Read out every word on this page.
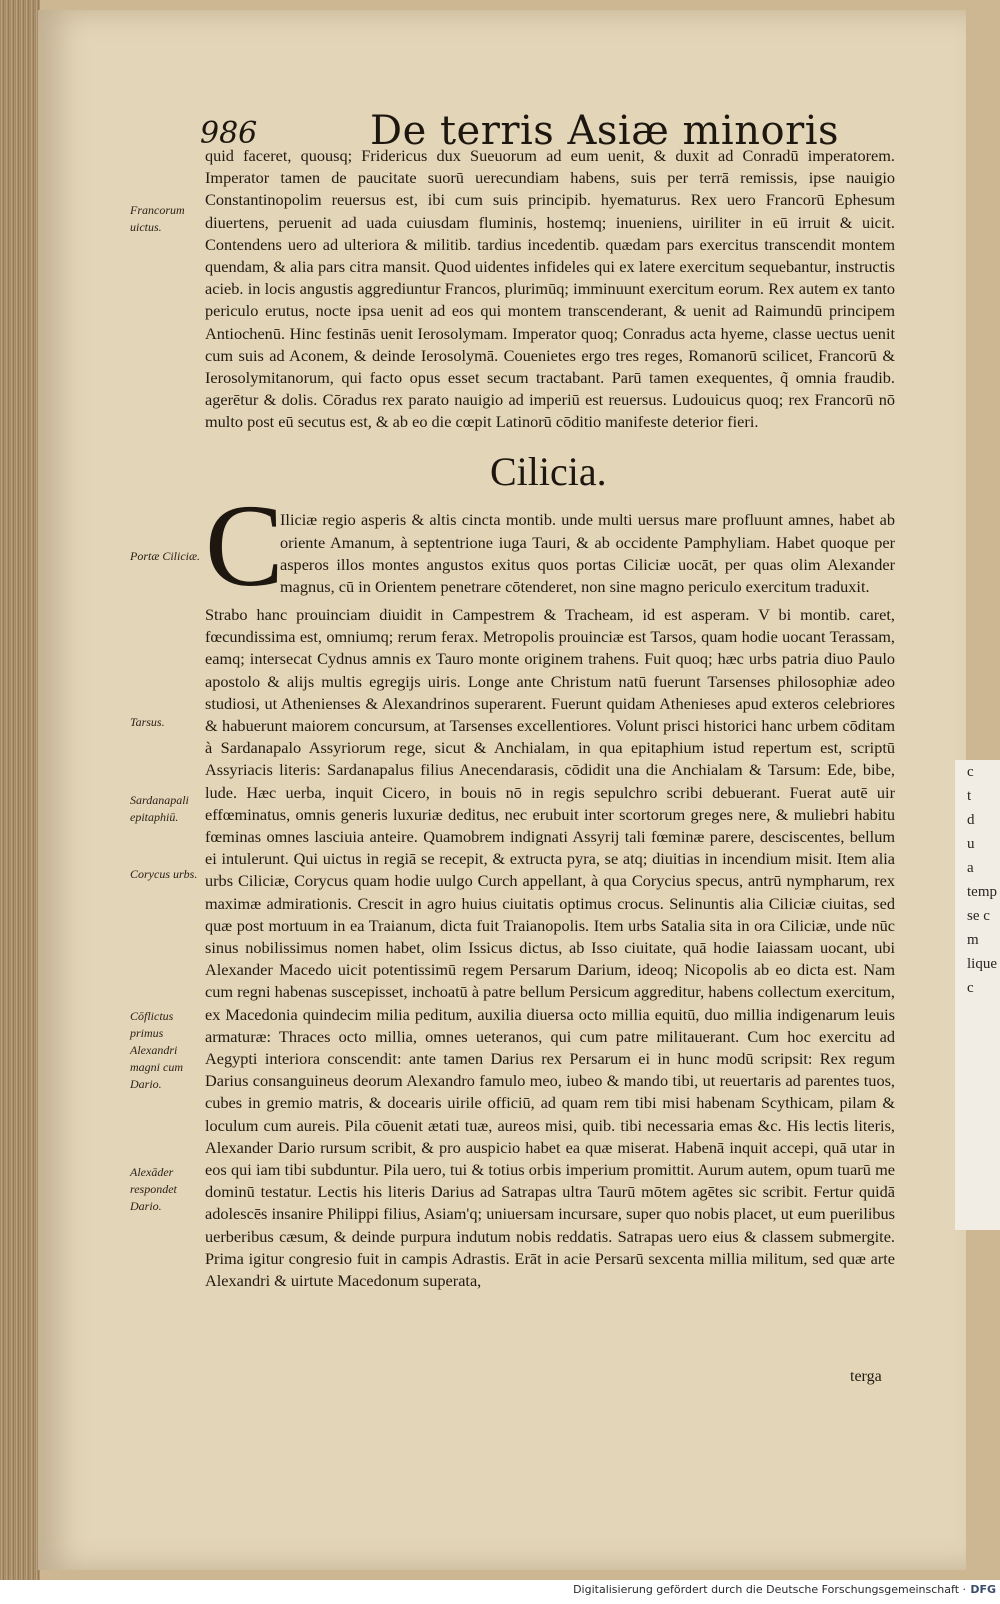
986	De terris Asiæ minoris

quid faceret, quousq; Fridericus dux Sueuorum ad eum uenit, & duxit ad Conradū imperatorem. Imperator tamen de paucitate suorū uerecundiam habens, suis per terrā remissis, ipse nauigio Constantinopolim reuersus est, ibi cum suis principib. hyematurus. Rex uero Francorū Ephesum diuertens, peruenit ad uada cuiusdam fluminis, hostemq; inueniens, uiriliter in eū irruit & uicit. Contendens uero ad ulteriora & militib. tardius incedentib. quædam pars exercitus transcendit montem quendam, & alia pars citra mansit. Quod uidentes infideles qui ex latere exercitum sequebantur, instructis acieb. in locis angustis aggrediuntur Francos, plurimūq; imminuunt exercitum eorum. Rex autem ex tanto periculo erutus, nocte ipsa uenit ad eos qui montem transcenderant, & uenit ad Raimundū principem Antiochenū. Hinc festinās uenit Ierosolymam. Imperator quoq; Conradus acta hyeme, classe uectus uenit cum suis ad Aconem, & deinde Ierosolymā. Couenietes ergo tres reges, Romanorū scilicet, Francorū & Ierosolymitanorum, qui facto opus esset secum tractabant. Parū tamen exequentes, q̃ omnia fraudib. agerētur & dolis. Cōradus rex parato nauigio ad imperiū est reuersus. Ludouicus quoq; rex Francorū nō multo post eū secutus est, & ab eo die cœpit Latinorū cōditio manifeste deterior fieri.

Cilicia.
C

Iliciæ regio asperis & altis cincta montib. unde multi uersus mare profluunt amnes, habet ab oriente Amanum, à septentrione iuga Tauri, & ab occidente Pamphyliam. Habet quoque per asperos illos montes angustos exitus quos portas Ciliciæ uocāt, per quas olim Alexander magnus, cū in Orientem penetrare cōtenderet, non sine magno periculo exercitum traduxit.

Strabo hanc prouinciam diuidit in Campestrem & Tracheam, id est asperam. V bi montib. caret, fœcundissima est, omniumq; rerum ferax. Metropolis prouinciæ est Tarsos, quam hodie uocant Terassam, eamq; intersecat Cydnus amnis ex Tauro monte originem trahens. Fuit quoq; hæc urbs patria diuo Paulo apostolo & alijs multis egregijs uiris. Longe ante Christum natū fuerunt Tarsenses philosophiæ adeo studiosi, ut Athenienses & Alexandrinos superarent. Fuerunt quidam Athenieses apud exteros celebriores & habuerunt maiorem concursum, at Tarsenses excellentiores. Volunt prisci historici hanc urbem cōditam à Sardanapalo Assyriorum rege, sicut & Anchialam, in qua epitaphium istud repertum est, scriptū Assyriacis literis: Sardanapalus filius Anecendarasis, cōdidit una die Anchialam & Tarsum: Ede, bibe, lude. Hæc uerba, inquit Cicero, in bouis nō in regis sepulchro scribi debuerant. Fuerat autē uir effœminatus, omnis generis luxuriæ deditus, nec erubuit inter scortorum greges nere, & muliebri habitu fœminas omnes lasciuia anteire. Quamobrem indignati Assyrij tali fœminæ parere, desciscentes, bellum ei intulerunt. Qui uictus in regiā se recepit, & extructa pyra, se atq; diuitias in incendium misit. Item alia urbs Ciliciæ, Corycus quam hodie uulgo Curch appellant, à qua Corycius specus, antrū nympharum, rex maximæ admirationis. Crescit in agro huius ciuitatis optimus crocus. Selinuntis alia Ciliciæ ciuitas, sed quæ post mortuum in ea Traianum, dicta fuit Traianopolis. Item urbs Satalia sita in ora Ciliciæ, unde nūc sinus nobilissimus nomen habet, olim Issicus dictus, ab Isso ciuitate, quā hodie Iaiassam uocant, ubi Alexander Macedo uicit potentissimū regem Persarum Darium, ideoq; Nicopolis ab eo dicta est. Nam cum regni habenas suscepisset, inchoatū à patre bellum Persicum aggreditur, habens collectum exercitum, ex Macedonia quindecim milia peditum, auxilia diuersa octo millia equitū, duo millia indigenarum leuis armaturæ: Thraces octo millia, omnes ueteranos, qui cum patre militauerant. Cum hoc exercitu ad Aegypti interiora conscendit: ante tamen Darius rex Persarum ei in hunc modū scripsit: Rex regum Darius consanguineus deorum Alexandro famulo meo, iubeo & mando tibi, ut reuertaris ad parentes tuos, cubes in gremio matris, & docearis uirile officiū, ad quam rem tibi misi habenam Scythicam, pilam & loculum cum aureis. Pila cōuenit ætati tuæ, aureos misi, quib. tibi necessaria emas &c. His lectis literis, Alexander Dario rursum scribit, & pro auspicio habet ea quæ miserat. Habenā inquit accepi, quā utar in eos qui iam tibi subduntur. Pila uero, tui & totius orbis imperium promittit. Aurum autem, opum tuarū me dominū testatur. Lectis his literis Darius ad Satrapas ultra Taurū mōtem agētes sic scribit. Fertur quidā adolescēs insanire Philippi filius, Asiam'q; uniuersam incursare, super quo nobis placet, ut eum puerilibus uerberibus cæsum, & deinde purpura indutum nobis reddatis. Satrapas uero eius & classem submergite. Prima igitur congresio fuit in campis Adrastis. Erāt in acie Persarū sexcenta millia militum, sed quæ arte Alexandri & uirtute Macedonum superata,

terga
Francorum uictus.
Portæ Ciliciæ.
Tarsus.
Sardanapali epitaphiū.
Corycus urbs.
Cōflictus primus Alexandri magni cum Dario.
Alexāder respondet Dario.
c
t
d
u
a
temp
se c
m
lique
c
Digitalisierung gefördert durch die Deutsche Forschungsgemeinschaft · DFG
